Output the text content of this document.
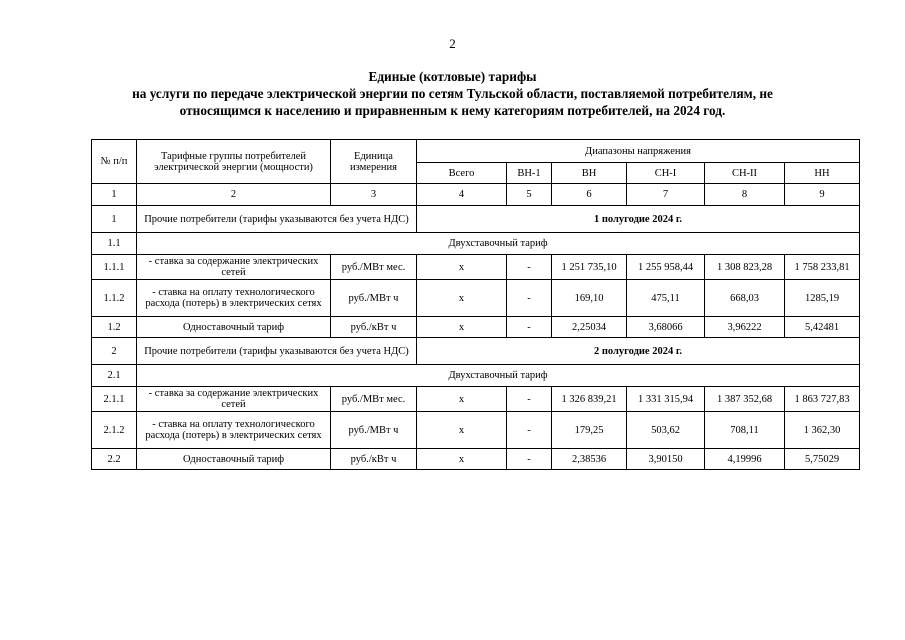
2
Единые (котловые) тарифы
на услуги по передаче электрической энергии по сетям Тульской области, поставляемой потребителям, не
относящимся к населению и приравненным к нему категориям потребителей, на 2024 год.
№ п/п	Тарифные группы потребителей электрической энергии (мощности)	Единица измерения	Диапазоны напряжения					
			Всего	ВН-1	ВН	СН-I	СН-II	НН
1	2	3	4	5	6	7	8	9
1	Прочие потребители (тарифы указываются без учета НДС)		1 полугодие 2024 г.					
1.1	Двухставочный тариф							
1.1.1	- ставка за содержание электрических сетей	руб./МВт мес.	х	-	1 251 735,10	1 255 958,44	1 308 823,28	1 758 233,81
1.1.2	- ставка на оплату технологического расхода (потерь) в электрических сетях	руб./МВт ч	х	-	169,10	475,11	668,03	1285,19
1.2	Одноставочный тариф	руб./кВт ч	х	-	2,25034	3,68066	3,96222	5,42481
2	Прочие потребители (тарифы указываются без учета НДС)		2 полугодие 2024 г.					
2.1	Двухставочный тариф							
2.1.1	- ставка за содержание электрических сетей	руб./МВт мес.	х	-	1 326 839,21	1 331 315,94	1 387 352,68	1 863 727,83
2.1.2	- ставка на оплату технологического расхода (потерь) в электрических сетях	руб./МВт ч	х	-	179,25	503,62	708,11	1 362,30
2.2	Одноставочный тариф	руб./кВт ч	х	-	2,38536	3,90150	4,19996	5,75029
